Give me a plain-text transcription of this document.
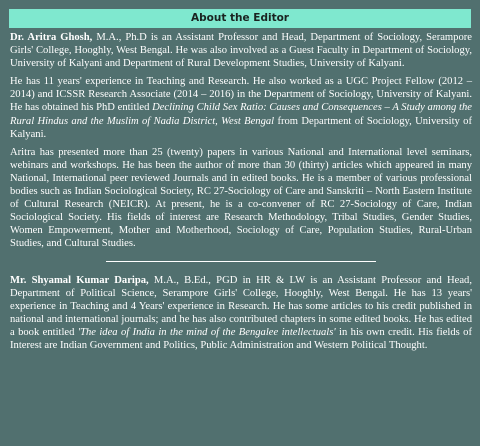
About the Editor

Dr. Aritra Ghosh, M.A., Ph.D is an Assistant Professor and Head, Department of Sociology, Serampore Girls' College, Hooghly, West Bengal. He was also involved as a Guest Faculty in Department of Sociology, University of Kalyani and Department of Rural Development Studies, University of Kalyani.

He has 11 years' experience in Teaching and Research. He also worked as a UGC Project Fellow (2012 – 2014) and ICSSR Research Associate (2014 – 2016) in the Department of Sociology, University of Kalyani. He has obtained his PhD entitled Declining Child Sex Ratio: Causes and Consequences – A Study among the Rural Hindus and the Muslim of Nadia District, West Bengal from Department of Sociology, University of Kalyani.

Aritra has presented more than 25 (twenty) papers in various National and International level seminars, webinars and workshops. He has been the author of more than 30 (thirty) articles which appeared in many National, International peer reviewed Journals and in edited books. He is a member of various professional bodies such as Indian Sociological Society, RC 27-Sociology of Care and Sanskriti – North Eastern Institute of Cultural Research (NEICR). At present, he is a co-convener of RC 27-Sociology of Care, Indian Sociological Society. His fields of interest are Research Methodology, Tribal Studies, Gender Studies, Women Empowerment, Mother and Motherhood, Sociology of Care, Population Studies, Rural-Urban Studies, and Cultural Studies.

Mr. Shyamal Kumar Daripa, M.A., B.Ed., PGD in HR & LW is an Assistant Professor and Head, Department of Political Science, Serampore Girls' College, Hooghly, West Bengal. He has 13 years' experience in Teaching and 4 Years' experience in Research. He has some articles to his credit published in national and international journals; and he has also contributed chapters in some edited books. He has edited a book entitled 'The idea of India in the mind of the Bengalee intellectuals' in his own credit. His fields of Interest are Indian Government and Politics, Public Administration and Western Political Thought.
